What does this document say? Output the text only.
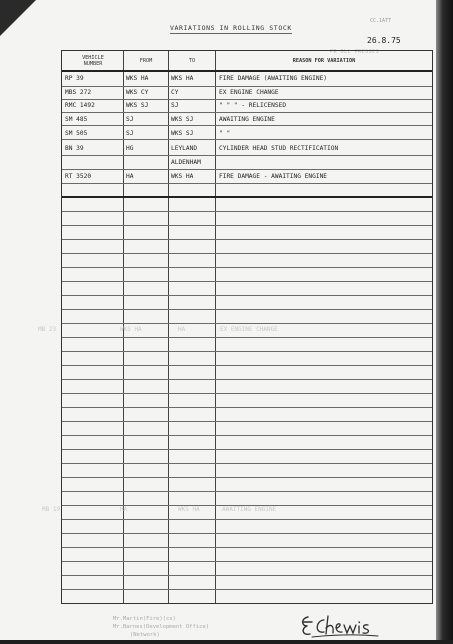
VARIATIONS IN ROLLING STOCK
CC.1ATT
26.8.75
PR OLL PRESSES
VEHICLE
NUMBER	FROM	TO	REASON FOR VARIATION
RP 39	WKS HA	WKS HA	FIRE DAMAGE (AWAITING ENGINE)
MBS 272	WKS CY	CY	EX ENGINE CHANGE
RMC 1492	WKS SJ	SJ	" " " - RELICENSED
SM 485	SJ	WKS SJ	AWAITING ENGINE
SM 505	SJ	WKS SJ	" "
BN 39	HG	LEYLAND	CYLINDER HEAD STUD RECTIFICATION
ALDENHAM
RT 3520	HA	WKS HA	FIRE DAMAGE - AWAITING ENGINE
MB 23	WKS HA	HA	EX ENGINE CHANGE
MB 19	HA	WKS HA	AWAITING ENGINE
Mr.Martin(Fire)(cs)
Mr.Barnes(Development Office)
(Network)
